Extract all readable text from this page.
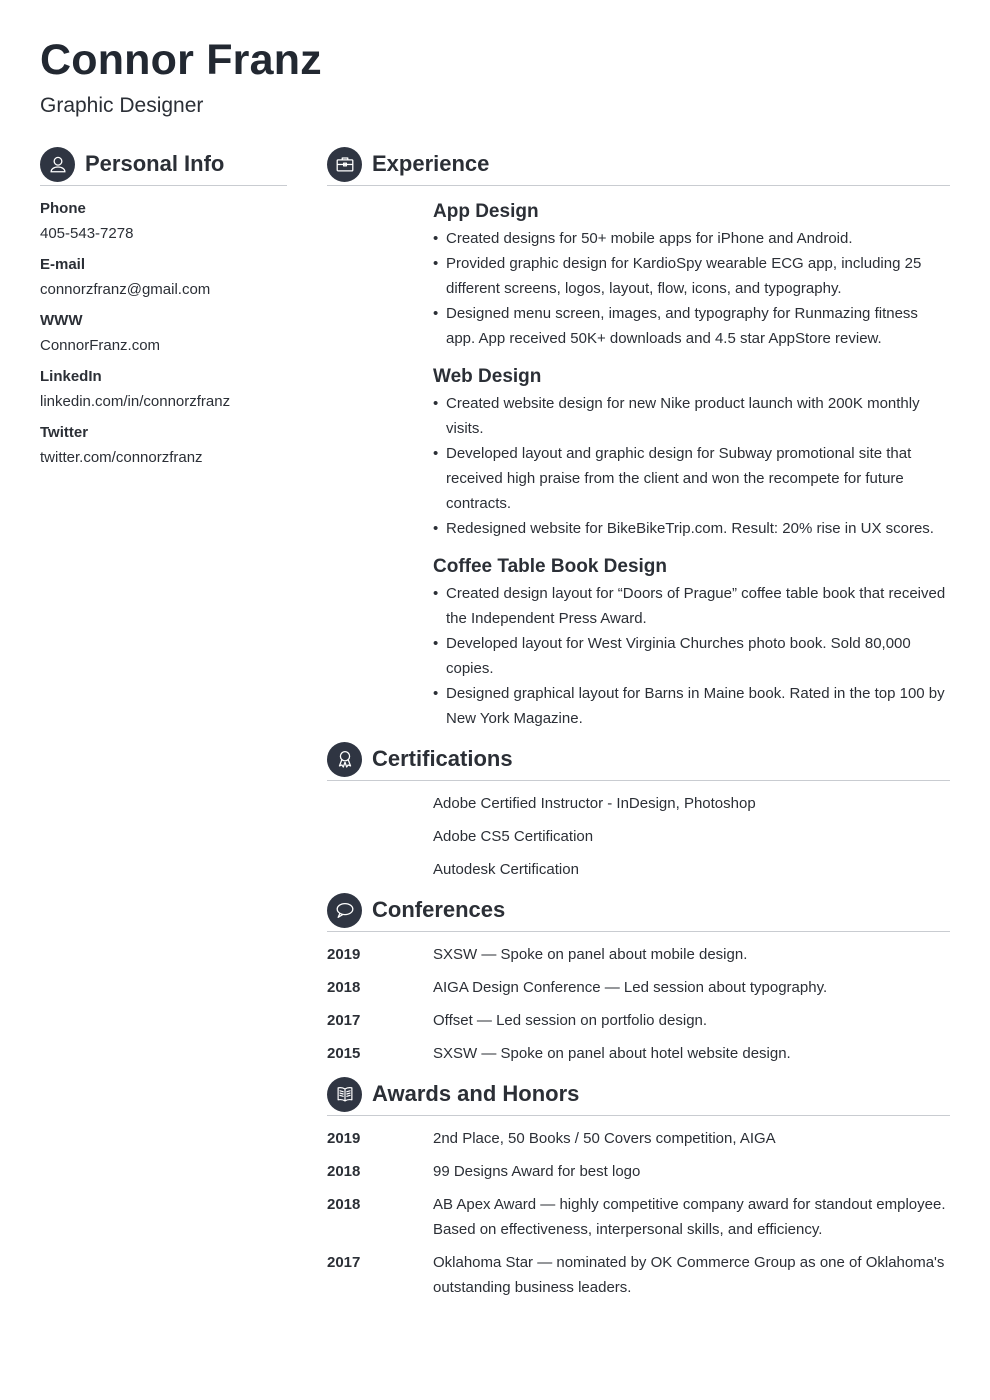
Connor Franz
Graphic Designer
Personal Info
Phone
405-543-7278
E-mail
connorzfranz@gmail.com
WWW
ConnorFranz.com
LinkedIn
linkedin.com/in/connorzfranz
Twitter
twitter.com/connorzfranz
Experience
App Design
• Created designs for 50+ mobile apps for iPhone and Android.
• Provided graphic design for KardioSpy wearable ECG app, including 25 different screens, logos, layout, flow, icons, and typography.
• Designed menu screen, images, and typography for Runmazing fitness app. App received 50K+ downloads and 4.5 star AppStore review.
Web Design
• Created website design for new Nike product launch with 200K monthly visits.
• Developed layout and graphic design for Subway promotional site that received high praise from the client and won the recompete for future contracts.
• Redesigned website for BikeBikeTrip.com. Result: 20% rise in UX scores.
Coffee Table Book Design
• Created design layout for “Doors of Prague” coffee table book that received the Independent Press Award.
• Developed layout for West Virginia Churches photo book. Sold 80,000 copies.
• Designed graphical layout for Barns in Maine book. Rated in the top 100 by New York Magazine.
Certifications
Adobe Certified Instructor - InDesign, Photoshop
Adobe CS5 Certification
Autodesk Certification
Conferences
2019	SXSW — Spoke on panel about mobile design.
2018	AIGA Design Conference — Led session about typography.
2017	Offset — Led session on portfolio design.
2015	SXSW — Spoke on panel about hotel website design.
Awards and Honors
2019	2nd Place, 50 Books / 50 Covers competition, AIGA
2018	99 Designs Award for best logo
2018	AB Apex Award — highly competitive company award for standout employee. Based on effectiveness, interpersonal skills, and efficiency.
2017	Oklahoma Star — nominated by OK Commerce Group as one of Oklahoma's outstanding business leaders.
